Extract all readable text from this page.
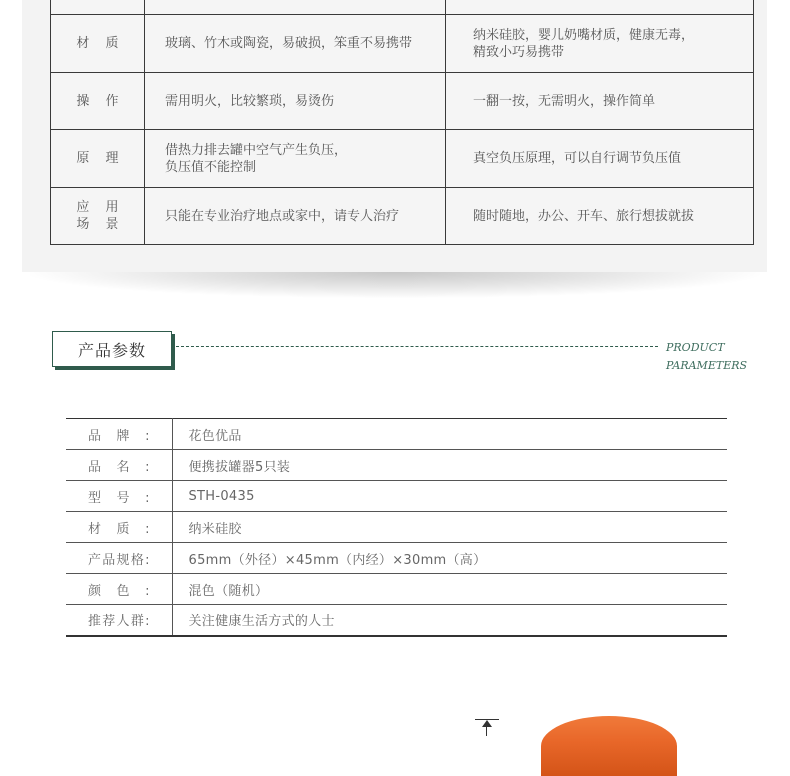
材 质	玻璃、竹木或陶瓷，易破损，笨重不易携带	纳米硅胶，婴儿奶嘴材质，健康无毒，
精致小巧易携带

操 作	需用明火，比较繁琐，易烫伤	一翻一按，无需明火，操作简单
原 理	借热力排去罐中空气产生负压，
负压值不能控制	真空负压原理，可以自行调节负压值

应 用
场 景	只能在专业治疗地点或家中，请专人治疗	随时随地，办公、开车、旅行想拔就拔
产品参数	PRODUCT
PARAMETERS
品牌:	花色优品
品名:	便携拔罐器5只装
型号:	STH-0435
材质:	纳米硅胶
产品规格:	65mm（外径）×45mm（内经）×30mm（高）
颜色:	混色（随机）
推荐人群:	关注健康生活方式的人士
